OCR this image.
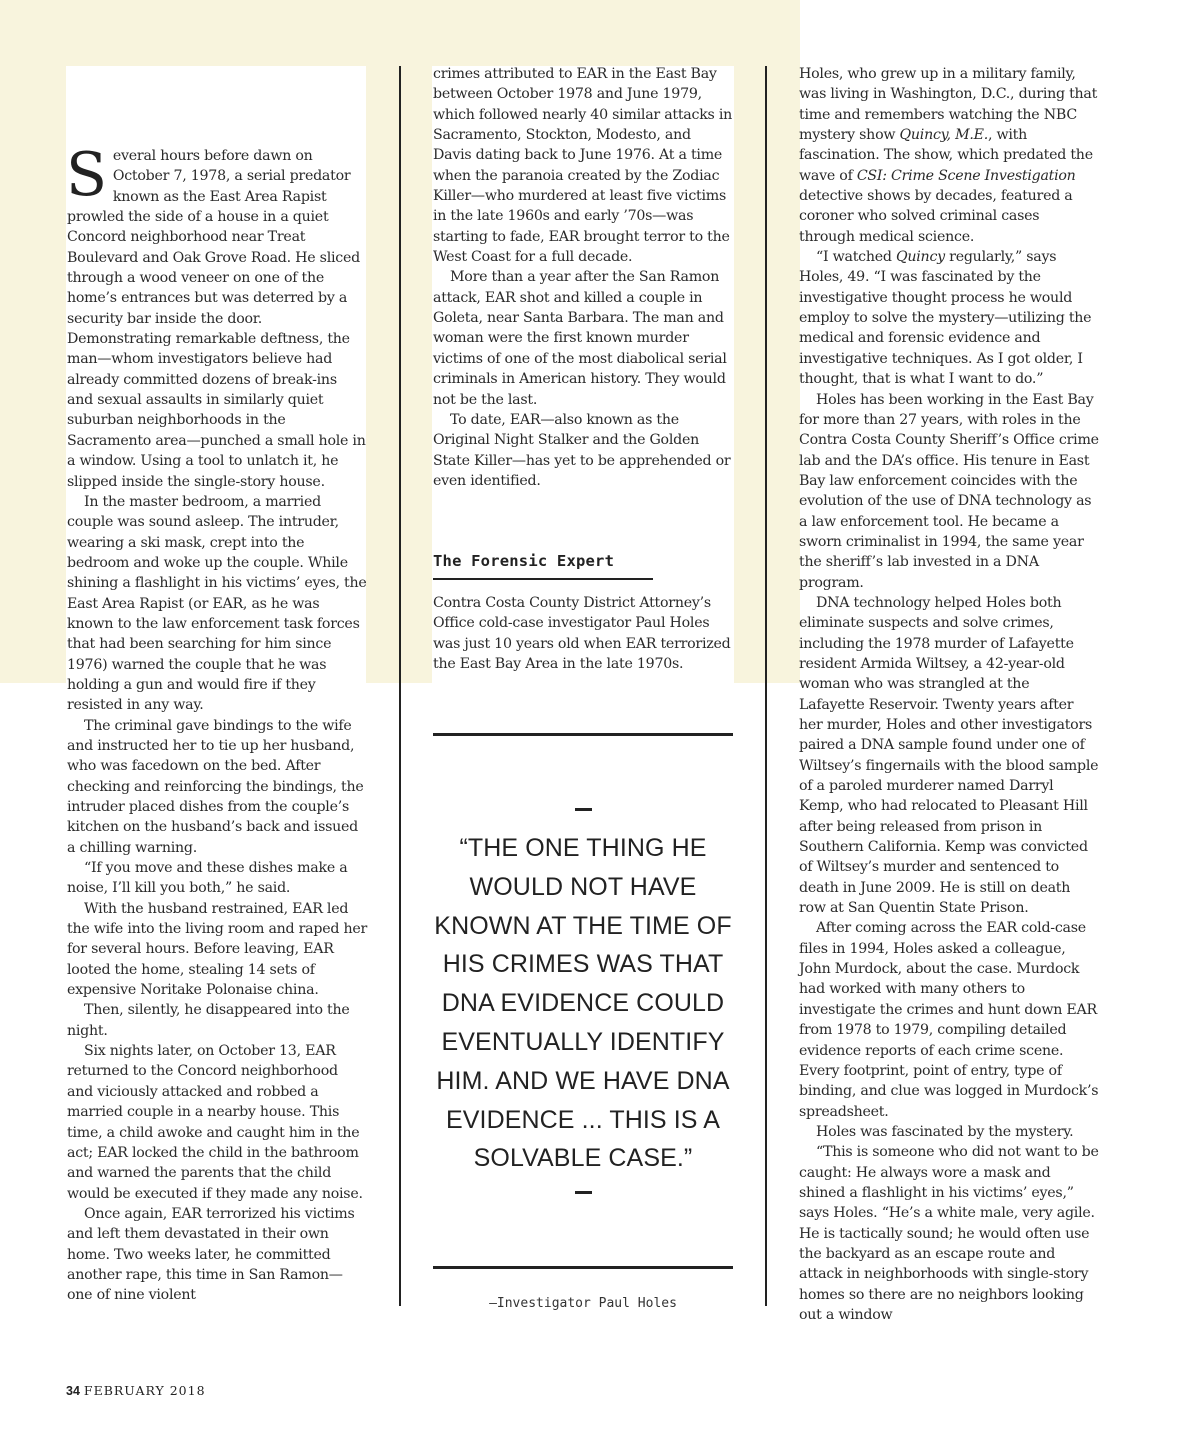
Several hours before dawn on October 7, 1978, a serial predator known as the East Area Rapist prowled the side of a house in a quiet Concord neighborhood near Treat Boulevard and Oak Grove Road. He sliced through a wood veneer on one of the home’s entrances but was deterred by a security bar inside the door. Demonstrating remarkable deftness, the man—whom investigators believe had already committed dozens of break-ins and sexual assaults in similarly quiet suburban neighborhoods in the Sacramento area—punched a small hole in a window. Using a tool to unlatch it, he slipped inside the single-story house.

In the master bedroom, a married couple was sound asleep. The intruder, wearing a ski mask, crept into the bedroom and woke up the couple. While shining a flashlight in his victims’ eyes, the East Area Rapist (or EAR, as he was known to the law enforcement task forces that had been searching for him since 1976) warned the couple that he was holding a gun and would fire if they resisted in any way.

The criminal gave bindings to the wife and instructed her to tie up her husband, who was facedown on the bed. After checking and reinforcing the bindings, the intruder placed dishes from the couple’s kitchen on the husband’s back and issued a chilling warning.

“If you move and these dishes make a noise, I’ll kill you both,” he said.

With the husband restrained, EAR led the wife into the living room and raped her for several hours. Before leaving, EAR looted the home, stealing 14 sets of expensive Noritake Polonaise china.

Then, silently, he disappeared into the night.

Six nights later, on October 13, EAR returned to the Concord neighborhood and viciously attacked and robbed a married couple in a nearby house. This time, a child awoke and caught him in the act; EAR locked the child in the bathroom and warned the parents that the child would be executed if they made any noise.

Once again, EAR terrorized his victims and left them devastated in their own home. Two weeks later, he committed another rape, this time in San Ramon—one of nine violent

crimes attributed to EAR in the East Bay between October 1978 and June 1979, which followed nearly 40 similar attacks in Sacramento, Stockton, Modesto, and Davis dating back to June 1976. At a time when the paranoia created by the Zodiac Killer—who murdered at least five victims in the late 1960s and early ’70s—was starting to fade, EAR brought terror to the West Coast for a full decade.

More than a year after the San Ramon attack, EAR shot and killed a couple in Goleta, near Santa Barbara. The man and woman were the first known murder victims of one of the most diabolical serial criminals in American history. They would not be the last.

To date, EAR—also known as the Original Night Stalker and the Golden State Killer—has yet to be apprehended or even identified.

The Forensic Expert

Contra Costa County District Attorney’s Office cold-case investigator Paul Holes was just 10 years old when EAR terrorized the East Bay Area in the late 1970s.

“THE ONE THING HE WOULD NOT HAVE KNOWN AT THE TIME OF HIS CRIMES WAS THAT DNA EVIDENCE COULD EVENTUALLY IDENTIFY HIM. AND WE HAVE DNA EVIDENCE ... THIS IS A SOLVABLE CASE.”
—Investigator Paul Holes

Holes, who grew up in a military family, was living in Washington, D.C., during that time and remembers watching the NBC mystery show Quincy, M.E., with fascination. The show, which predated the wave of CSI: Crime Scene Investigation detective shows by decades, featured a coroner who solved criminal cases through medical science.

“I watched Quincy regularly,” says Holes, 49. “I was fascinated by the investigative thought process he would employ to solve the mystery—utilizing the medical and forensic evidence and investigative techniques. As I got older, I thought, that is what I want to do.”

Holes has been working in the East Bay for more than 27 years, with roles in the Contra Costa County Sheriff’s Office crime lab and the DA’s office. His tenure in East Bay law enforcement coincides with the evolution of the use of DNA technology as a law enforcement tool. He became a sworn criminalist in 1994, the same year the sheriff’s lab invested in a DNA program.

DNA technology helped Holes both eliminate suspects and solve crimes, including the 1978 murder of Lafayette resident Armida Wiltsey, a 42-year-old woman who was strangled at the Lafayette Reservoir. Twenty years after her murder, Holes and other investigators paired a DNA sample found under one of Wiltsey’s fingernails with the blood sample of a paroled murderer named Darryl Kemp, who had relocated to Pleasant Hill after being released from prison in Southern California. Kemp was convicted of Wiltsey’s murder and sentenced to death in June 2009. He is still on death row at San Quentin State Prison.

After coming across the EAR cold-case files in 1994, Holes asked a colleague, John Murdock, about the case. Murdock had worked with many others to investigate the crimes and hunt down EAR from 1978 to 1979, compiling detailed evidence reports of each crime scene. Every footprint, point of entry, type of binding, and clue was logged in Murdock’s spreadsheet.

Holes was fascinated by the mystery.

“This is someone who did not want to be caught: He always wore a mask and shined a flashlight in his victims’ eyes,” says Holes. “He’s a white male, very agile. He is tactically sound; he would often use the backyard as an escape route and attack in neighborhoods with single-story homes so there are no neighbors looking out a window

34 FEBRUARY 2018
